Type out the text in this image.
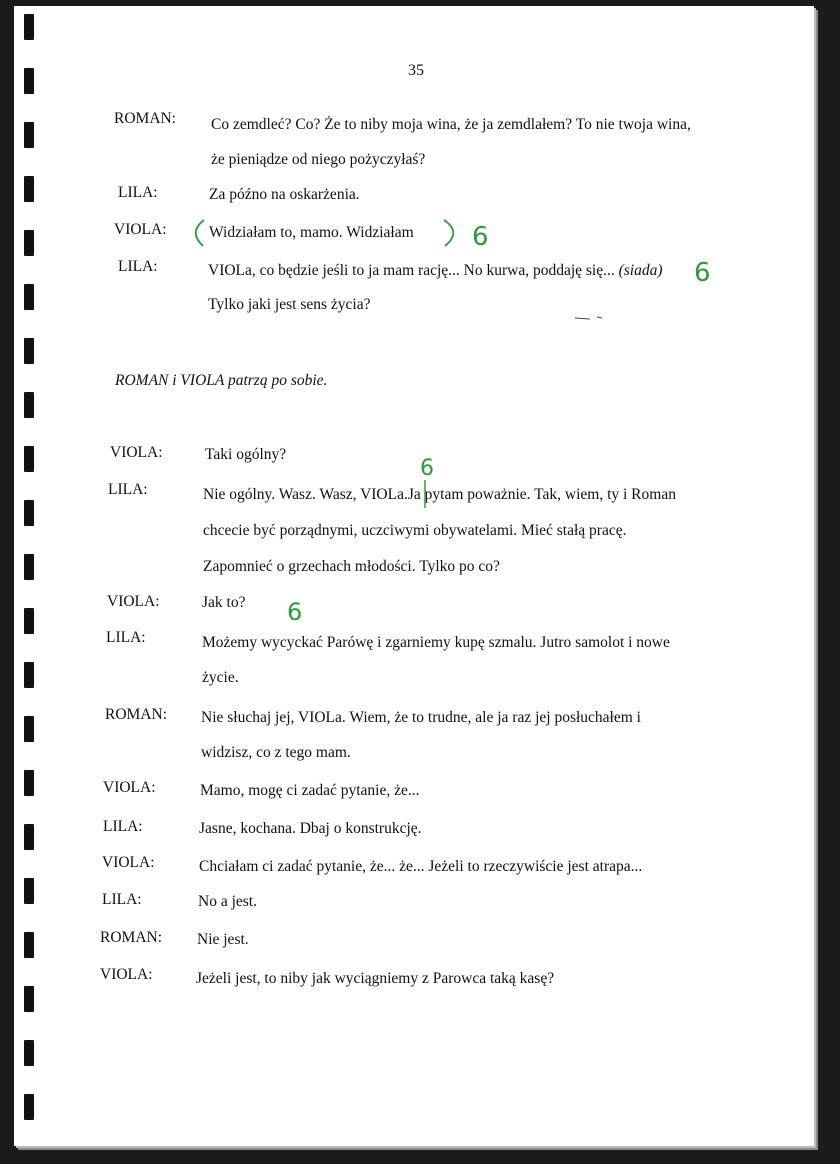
35
ROMAN: Co zemdleć? Co? Że to niby moja wina, że ja zemdlałem? To nie twoja wina,
że pieniądze od niego pożyczyłaś?
LILA:	Za późno na oskarżenia.
VIOLA:	Widziałam to, mamo. Widziałam
LILA:	VIOLa, co będzie jeśli to ja mam rację... No kurwa, poddaję się... (siada)
Tylko jaki jest sens życia?
ROMAN i VIOLA patrzą po sobie.
VIOLA:	Taki ogólny?
LILA:	Nie ogólny. Wasz. Wasz, VIOLa.Ja pytam poważnie. Tak, wiem, ty i Roman
chcecie być porządnymi, uczciwymi obywatelami. Mieć stałą pracę.
Zapomnieć o grzechach młodości. Tylko po co?
VIOLA:	Jak to?
LILA:	Możemy wycyckać Parówę i zgarniemy kupę szmalu. Jutro samolot i nowe
życie.
ROMAN: Nie słuchaj jej, VIOLa. Wiem, że to trudne, ale ja raz jej posłuchałem i
widzisz, co z tego mam.
VIOLA:	Mamo, mogę ci zadać pytanie, że...
LILA:	Jasne, kochana. Dbaj o konstrukcję.
VIOLA:	Chciałam ci zadać pytanie, że... że... Jeżeli to rzeczywiście jest atrapa...
LILA:	No a jest.
ROMAN: Nie jest.
VIOLA:	Jeżeli jest, to niby jak wyciągniemy z Parowca taką kasę?
6
6
6
6
